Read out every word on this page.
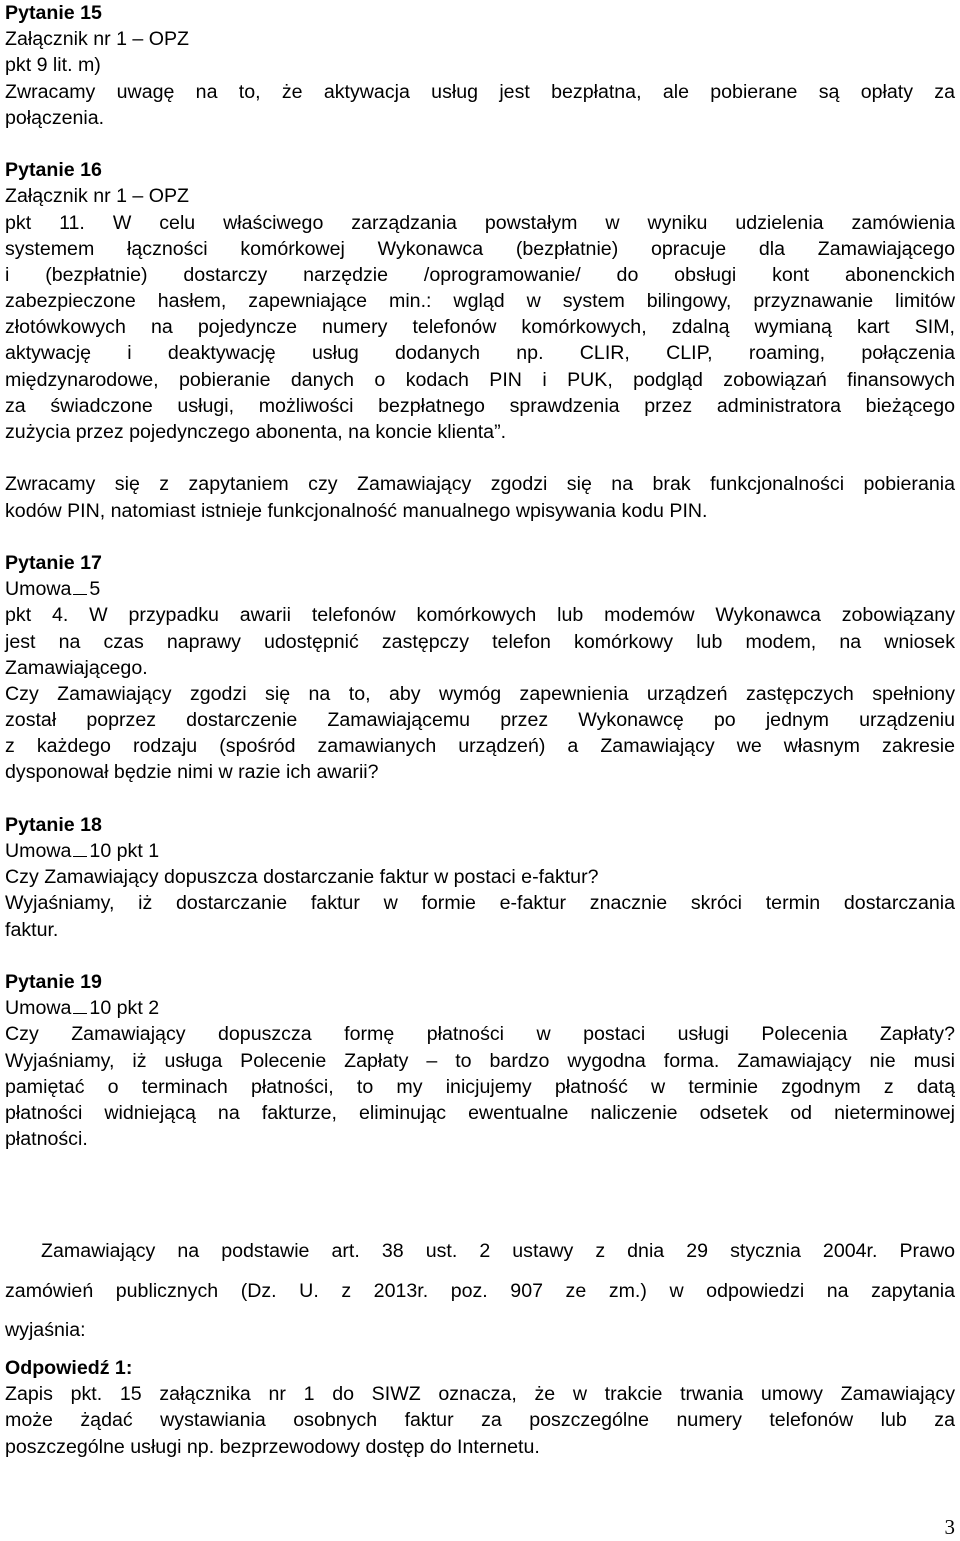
Pytanie 15
Załącznik nr 1 – OPZ
pkt 9 lit. m)
Zwracamy uwagę na to, że aktywacja usług jest bezpłatna, ale pobierane są opłaty za
połączenia.
Pytanie 16
Załącznik nr 1 – OPZ
pkt 11. W celu właściwego zarządzania powstałym w wyniku udzielenia zamówienia
systemem łączności komórkowej Wykonawca (bezpłatnie) opracuje dla Zamawiającego
i (bezpłatnie) dostarczy narzędzie /oprogramowanie/ do obsługi kont abonenckich
zabezpieczone hasłem, zapewniające min.: wgląd w system bilingowy, przyznawanie limitów
złotówkowych na pojedyncze numery telefonów komórkowych, zdalną wymianą kart SIM,
aktywację i deaktywację usług dodanych np. CLIR, CLIP, roaming, połączenia
międzynarodowe, pobieranie danych o kodach PIN i PUK, podgląd zobowiązań finansowych
za świadczone usługi, możliwości bezpłatnego sprawdzenia przez administratora bieżącego
zużycia przez pojedynczego abonenta, na koncie klienta”.
Zwracamy się z zapytaniem czy Zamawiający zgodzi się na brak funkcjonalności pobierania
kodów PIN, natomiast istnieje funkcjonalność manualnego wpisywania kodu PIN.
Pytanie 17
Umowa 5
pkt 4. W przypadku awarii telefonów komórkowych lub modemów Wykonawca zobowiązany
jest na czas naprawy udostępnić zastępczy telefon komórkowy lub modem, na wniosek
Zamawiającego.
Czy Zamawiający zgodzi się na to, aby wymóg zapewnienia urządzeń zastępczych spełniony
został poprzez dostarczenie Zamawiającemu przez Wykonawcę po jednym urządzeniu
z każdego rodzaju (spośród zamawianych urządzeń) a Zamawiający we własnym zakresie
dysponował będzie nimi w razie ich awarii?
Pytanie 18
Umowa 10 pkt 1
Czy Zamawiający dopuszcza dostarczanie faktur w postaci e-faktur?
Wyjaśniamy, iż dostarczanie faktur w formie e-faktur znacznie skróci termin dostarczania
faktur.
Pytanie 19
Umowa 10 pkt 2
Czy Zamawiający dopuszcza formę płatności w postaci usługi Polecenia Zapłaty?
Wyjaśniamy, iż usługa Polecenie Zapłaty – to bardzo wygodna forma. Zamawiający nie musi
pamiętać o terminach płatności, to my inicjujemy płatność w terminie zgodnym z datą
płatności widniejącą na fakturze, eliminując ewentualne naliczenie odsetek od nieterminowej
płatności.
Zamawiający na podstawie art. 38 ust. 2 ustawy z dnia 29 stycznia 2004r. Prawo
zamówień publicznych (Dz. U. z 2013r. poz. 907 ze zm.) w odpowiedzi na zapytania
wyjaśnia:
Odpowiedź 1:
Zapis pkt. 15 załącznika nr 1 do SIWZ oznacza, że w trakcie trwania umowy Zamawiający
może żądać wystawiania osobnych faktur za poszczególne numery telefonów lub za
poszczególne usługi np. bezprzewodowy dostęp do Internetu.
3
